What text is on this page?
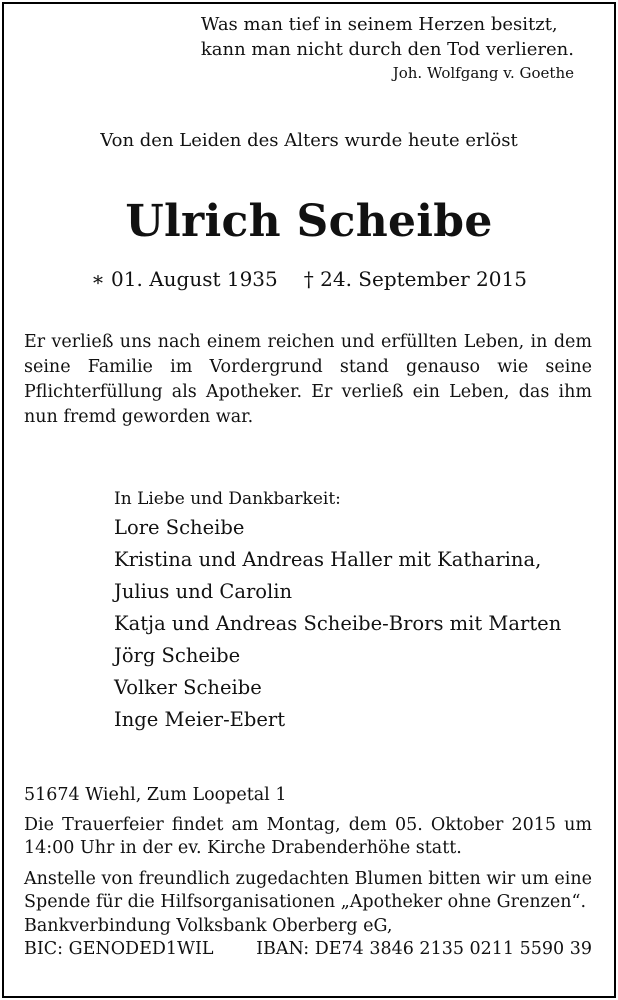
Was man tief in seinem Herzen besitzt,
kann man nicht durch den Tod verlieren.
Joh. Wolfgang v. Goethe
Von den Leiden des Alters wurde heute erlöst
Ulrich Scheibe
∗ 01. August 1935 † 24. September 2015
Er verließ uns nach einem reichen und erfüllten Leben, in dem seine Familie im Vordergrund stand genauso wie seine Pflichterfüllung als Apotheker. Er verließ ein Leben, das ihm nun fremd geworden war.
In Liebe und Dankbarkeit:
Lore Scheibe
Kristina und Andreas Haller mit Katharina,
Julius und Carolin
Katja und Andreas Scheibe-Brors mit Marten
Jörg Scheibe
Volker Scheibe
Inge Meier-Ebert
51674 Wiehl, Zum Loopetal 1
Die Trauerfeier findet am Montag, dem 05. Oktober 2015 um 14:00 Uhr in der ev. Kirche Drabenderhöhe statt.
Anstelle von freundlich zugedachten Blumen bitten wir um eine Spende für die Hilfsorganisationen „Apotheker ohne Grenzen“.
Bankverbindung Volksbank Oberberg eG,
BIC: GENODED1WIL IBAN: DE74 3846 2135 0211 5590 39
